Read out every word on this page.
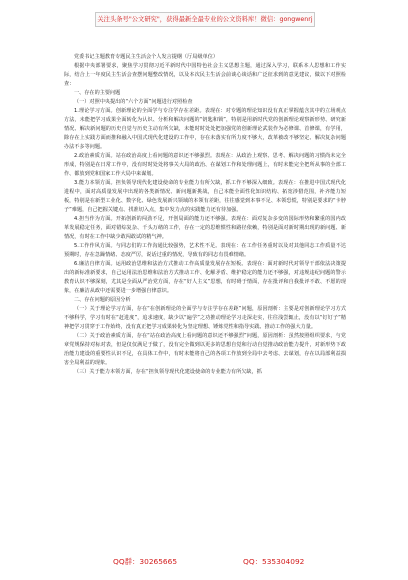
关注头条号"公文研究"，获得最新全最专业的公文资料库！微信：gongwenrj

党委书记主题教育专题民主生活会个人发言提纲（厅局级单位）

根据中央部署要求，聚焦学习贯彻习近平新时代中国特色社会主义思想主题，通过深入学习，联系本人思想和工作实际，结合上一年度民主生活会查摆问题整改情况，以及本次民主生活会前谈心谈话和广泛征求到的意见建议，做以下对照检查：

一、存在的主要问题

（一）对照中央提出的“六个方面”问题进行对照检查

1.理论学习方面。创新理论的全面学与专注学存在差距。表现在：对专题的理论知识没有真正掌握蕴含其中的立场观点方法，未能把学习成果全面转化为认识、分析和解决问题的“钥匙和锁”，特别是用新时代党的创新理论观察新形势、研究新情况、解决新问题的历史自觉与历史主动有所欠缺，未能时时处处把加强党的创新理论武装作为必修课、首修课，有学用，除存在上实践方面而推和融入中国式现代化建设的工作中，存在未落实有所力度不够大，改革被改不够坚定、解决复杂问题办法不多等问题。

2.政治素质方面。站在政治高度上看问题的意识还不够强烈。表现在：从政治上观察、思考、解决问题的习惯尚未完全形成，特别是在日常工作中，没有时时处处将事关大局的政治、在谋划工作和处理问题上，有时未能完全把所从事的全部工作、都放到党和国家工作大局中来谋划。

3.能力本领方面。担负领导现代化建设使命的专业能力有所欠缺，抓工作不够深入细致。表现在：在推进中国式现代化进程中，面对高质量发展中出现的各类新情况、新问题新挑战，自己本能全面性化知识结构、拓宽涉猎范围，补齐能力短板，特别是在新型工业化、数字化、绿色发展新兴领域的本领有差距，往往感觉到本事不足、本领恐慌，特别是要求的“卡脖子”难题，自己把握关键点、找准切入点，集中发力点的实践能力还有待加强。

4.担当作为方面。开拓创新的闯劲不足，开创局面的能力还不够强。表现在：面对复杂多变的国际形势和繁重的国内改革发展稳定任务，面对错综复杂、千头万绪的工作，存在一定的思维惯性和路径依赖，特别是面对新时期出现的新问题、新情况，有时在工作中缺少敢闯敢试的精气神。

5.工作作风方面。与同志们的工作沟通比较强势，艺术性不足。表现在：在工作任务重时以及对其他同志工作质量不达预期时，存在急躁情绪、态度严厉，说话过重的情况，导致有的同志有畏难情绪。

6.廉洁自律方面。运用政治思维和法治方式推动工作高质量发展存在短板。表现在：面对新时代对领导干部依法决策提出的新标准新要求，自己运用法治思维和法治方式推动工作、化解矛盾、维护稳定的能力还不够强，对违规违纪问题的警示教育认识不够深刻，尤其是全面从严治党方面，存在“好人主义”思想，有时碍于情面，存在批评和自我批评不敢、不愿的现象，在廉洁从政中还需要进一步增强自律意识。

二、存在问题的原因分析

（一）关于理论学习方面，存在“在创新理论的全面学与专注学存在差距”问题，原因剖析：主要是对创新理论学习方式不够科学，学习有时在“赶进度”，追求速度，缺少以“遍学”之功推动理论学习走深走实，往往浅尝辄止，没有以“钉钉子”精神把学习贯穿于工作始终，没有真正把学习成果转化为坚定理想、锤炼党性和指导实践、推动工作的强大力量。

（二）关于政治素质方面，存在“站在政治高度上看问题的意识还不够强烈”问题，原因剖析：虽然按照组织要求，与党章党规保持对标对表，但是仅仅满足于做了，没有完全做到以更多的思想自觉和行动自觉推动政治能力提升，对新形势下政治能力建设的重要性认识不足，在具体工作中，有时未能将自己的各项工作放到全局中去考虑、去谋划，存在以局部利益损害全局利益的现象。

（三）关于能力本领方面，存在“担负领导现代化建设使命的专业能力有所欠缺，抓

QQ群：30265665	QQ：535304092
